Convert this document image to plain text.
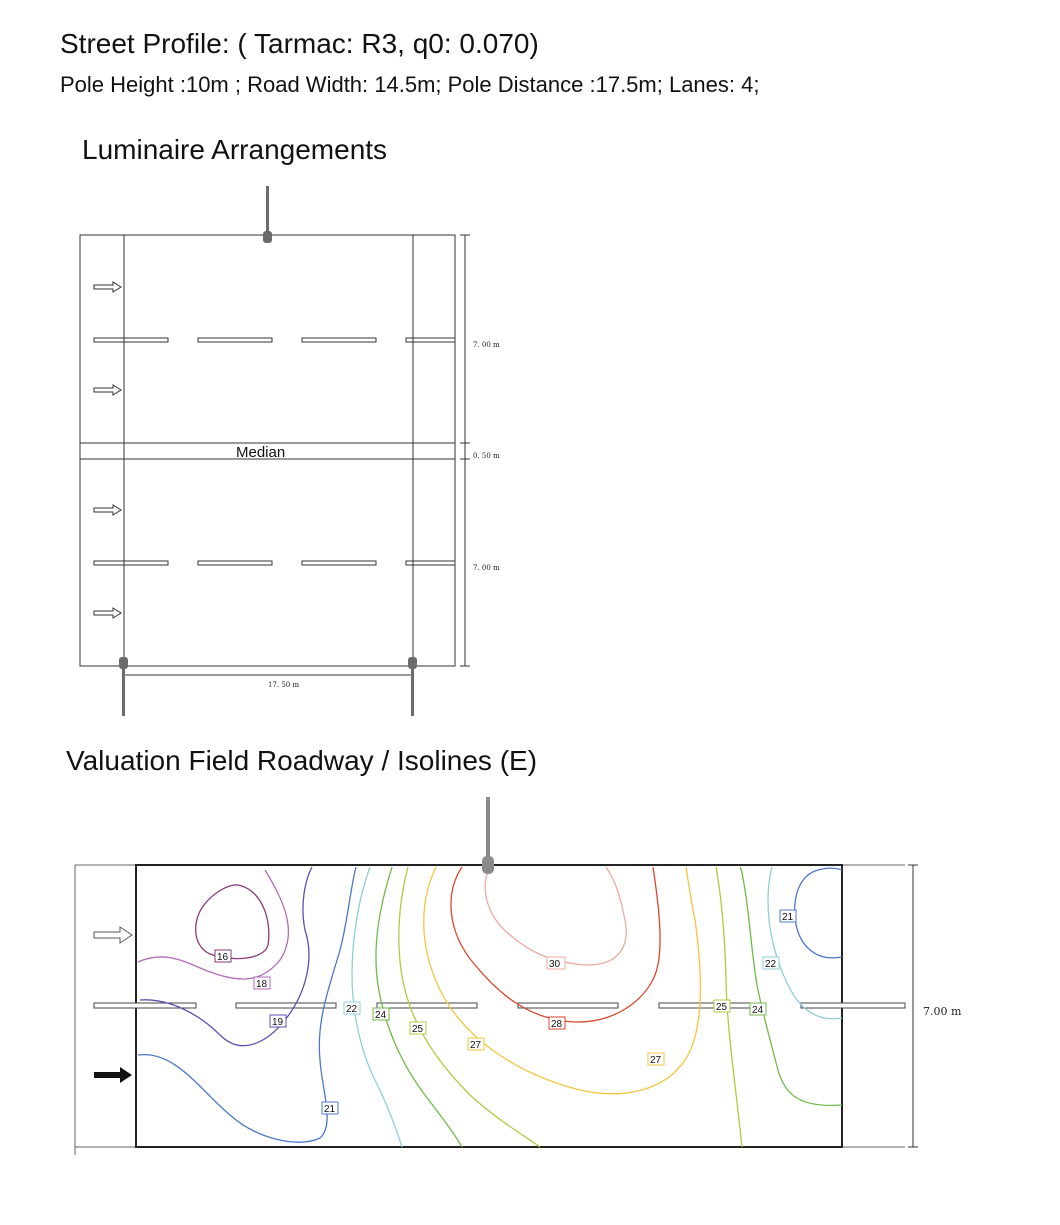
Street Profile: ( Tarmac: R3, q0: 0.070)
Pole Height :10m ; Road Width: 14.5m; Pole Distance :17.5m; Lanes: 4;
Luminaire Arrangements
Valuation Field Roadway / Isolines (E)
Median
7. 00 m
0. 50 m
7. 00 m
17. 50 m
7.00 m
16
18
19
21
21
22
22
24	24
25
25
27
27
28
30
